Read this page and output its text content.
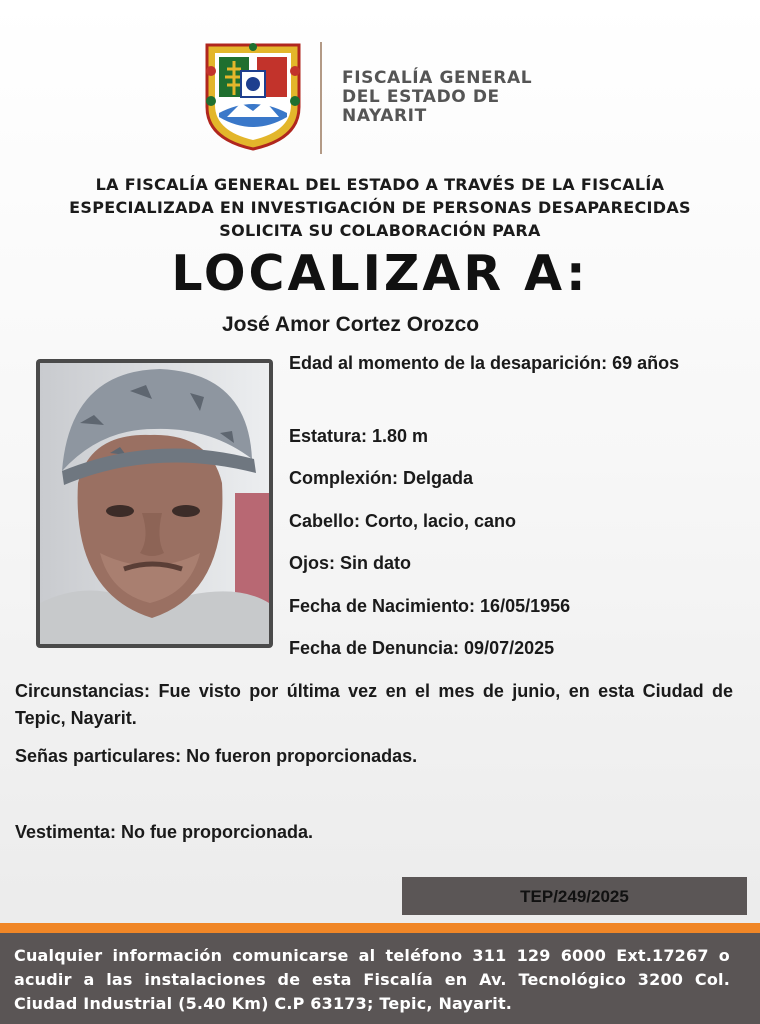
FISCALÍA GENERAL
DEL ESTADO DE
NAYARIT
LA FISCALÍA GENERAL DEL ESTADO A TRAVÉS DE LA FISCALÍA
ESPECIALIZADA EN INVESTIGACIÓN DE PERSONAS DESAPARECIDAS
SOLICITA SU COLABORACIÓN PARA
LOCALIZAR A:
José Amor Cortez Orozco
Edad al momento de la desaparición: 69 años
Estatura: 1.80 m
Complexión: Delgada
Cabello: Corto, lacio, cano
Ojos: Sin dato
Fecha de Nacimiento: 16/05/1956
Fecha de Denuncia: 09/07/2025
Circunstancias: Fue visto por última vez en el mes de junio, en esta Ciudad de Tepic, Nayarit.
Señas particulares: No fueron proporcionadas.
Vestimenta: No fue proporcionada.
TEP/249/2025
Cualquier información comunicarse al teléfono 311 129 6000 Ext.17267 o
acudir a las instalaciones de esta Fiscalía en Av. Tecnológico 3200 Col.
Ciudad Industrial (5.40 Km) C.P 63173; Tepic, Nayarit.
